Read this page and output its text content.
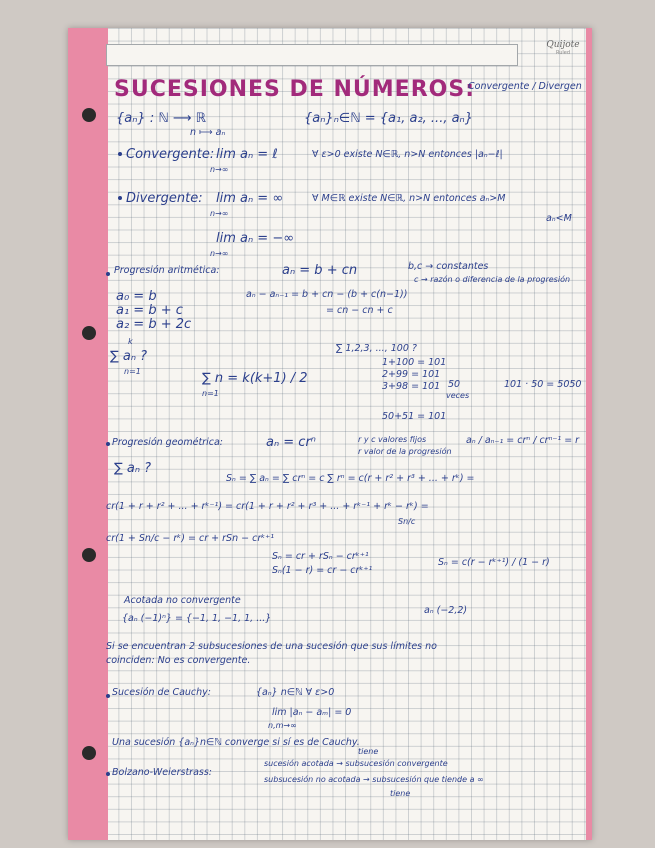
Quijote
Ruled
SUCESIONES DE NÚMEROS:
Convergente / Divergen
{aₙ} : ℕ ⟶ ℝ
n ⟼ aₙ
{aₙ}ₙ∈ℕ = {a₁, a₂, ..., aₙ}
Convergente: lim aₙ = ℓ
n→∞
∀ ε>0 existe N∈ℝ, n>N entonces |aₙ−ℓ|
Divergente: lim aₙ = ∞
n→∞
∀ M∈ℝ existe N∈ℝ, n>N entonces aₙ>M
aₙ<M
lim aₙ = −∞
n→∞
Progresión aritmética:	aₙ = b + cn	b,c → constantes
c → razón o diferencia de la progresión
a₀ = b
a₁ = b + c
a₂ = b + 2c
aₙ − aₙ₋₁ = b + cn − (b + c(n−1))
= cn − cn + c
k
∑ aₙ ?
n=1	∑ n = k(k+1) / 2
n=1
∑ 1,2,3, ..., 100 ?
1+100 = 101
2+99 = 101
3+98 = 101 50
veces
101 · 50 = 5050
50+51 = 101
Progresión geométrica:	aₙ = crⁿ	r y c valores fijos
r valor de la progresión
aₙ / aₙ₋₁ = crⁿ / crⁿ⁻¹ = r
∑ aₙ ?
Sₙ = ∑ aₙ = ∑ crⁿ = c ∑ rⁿ = c(r + r² + r³ + ... + rᵏ) =
cr(1 + r + r² + ... + rᵏ⁻¹) = cr(1 + r + r² + r³ + ... + rᵏ⁻¹ + rᵏ − rᵏ) =
Sn/c
cr(1 + Sn/c − rᵏ) = cr + rSn − crᵏ⁺¹
Sₙ = cr + rSₙ − crᵏ⁺¹
Sₙ(1 − r) = cr − crᵏ⁺¹
Sₙ = c(r − rᵏ⁺¹) / (1 − r)
Acotada no convergente
{aₙ (−1)ⁿ} = {−1, 1, −1, 1, ...}
aₙ (−2,2)
Si se encuentran 2 subsucesiones de una sucesión que sus límites no
coinciden: No es convergente.
Sucesión de Cauchy:	{aₙ} n∈ℕ ∀ ε>0
lim |aₙ − aₘ| = 0
n,m→∞
Una sucesión {aₙ}n∈ℕ converge si sí es de Cauchy.
Bolzano-Weierstrass:
tiene
sucesión acotada → subsucesión convergente
subsucesión no acotada → subsucesión que tiende a ∞
tiene
